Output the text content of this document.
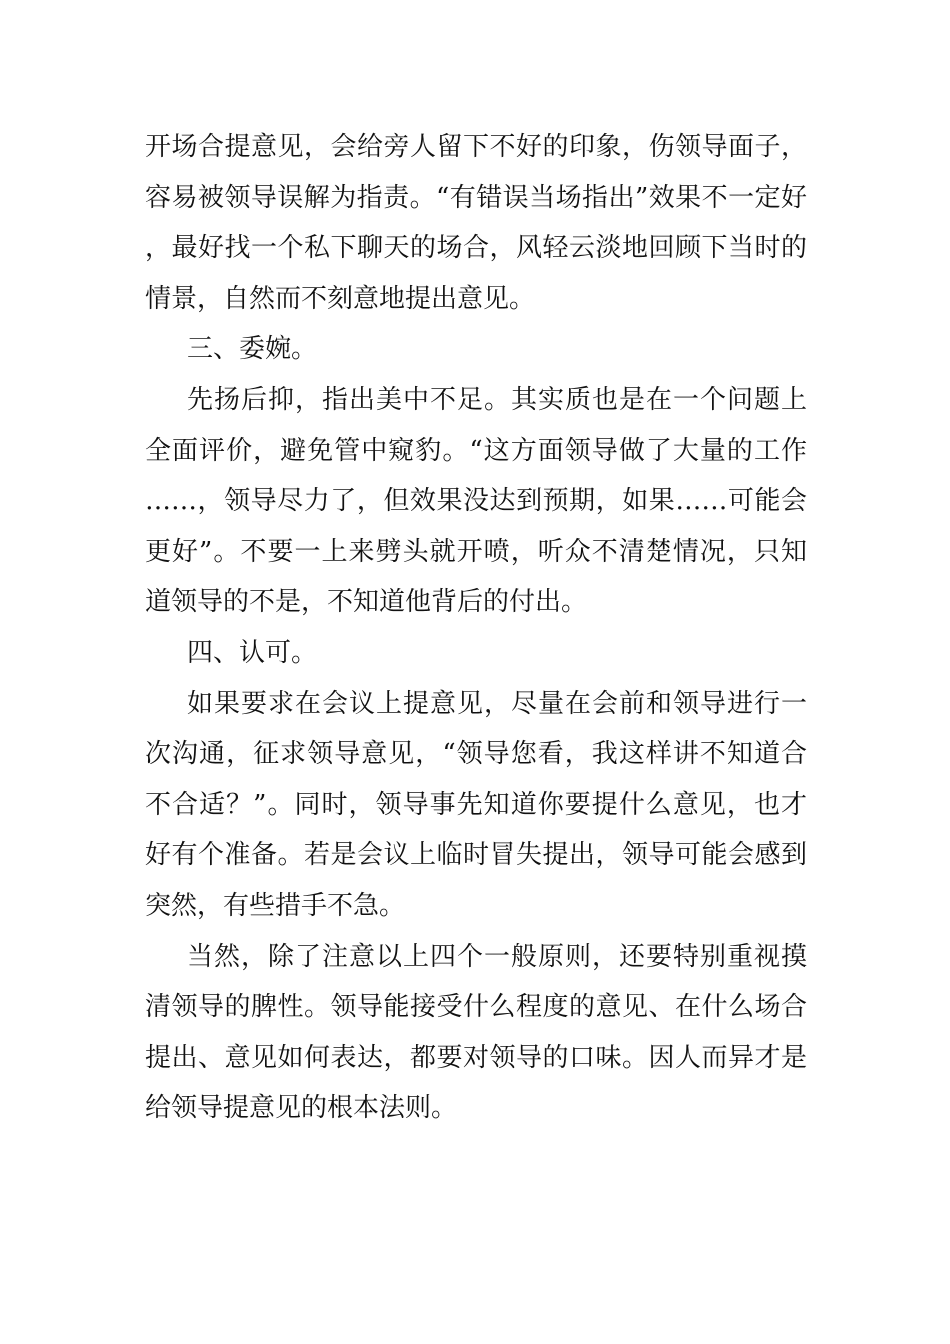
开场合提意见，会给旁人留下不好的印象，伤领导面子，容易被领导误解为指责。“有错误当场指出”效果不一定好，最好找一个私下聊天的场合，风轻云淡地回顾下当时的情景，自然而不刻意地提出意见。

三、委婉。

先扬后抑，指出美中不足。其实质也是在一个问题上全面评价，避免管中窥豹。“这方面领导做了大量的工作……，领导尽力了，但效果没达到预期，如果……可能会更好”。不要一上来劈头就开喷，听众不清楚情况，只知道领导的不是，不知道他背后的付出。

四、认可。

如果要求在会议上提意见，尽量在会前和领导进行一次沟通，征求领导意见，“领导您看，我这样讲不知道合不合适？”。同时，领导事先知道你要提什么意见，也才好有个准备。若是会议上临时冒失提出，领导可能会感到突然，有些措手不急。

当然，除了注意以上四个一般原则，还要特别重视摸清领导的脾性。领导能接受什么程度的意见、在什么场合提出、意见如何表达，都要对领导的口味。因人而异才是给领导提意见的根本法则。
